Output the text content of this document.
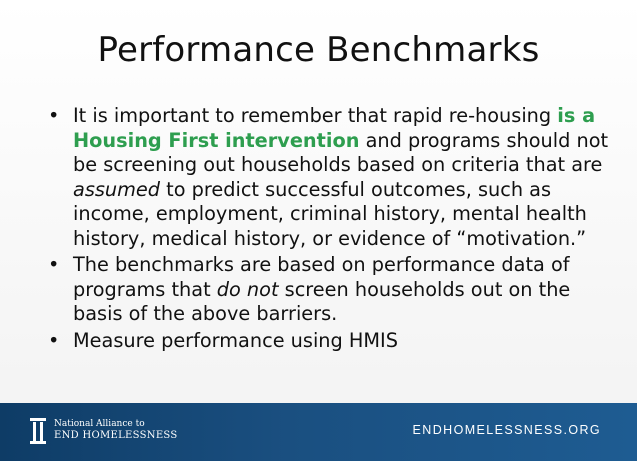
Performance Benchmarks
• It is important to remember that rapid re-housing is a Housing First intervention and programs should not be screening out households based on criteria that are assumed to predict successful outcomes, such as income, employment, criminal history, mental health history, medical history, or evidence of “motivation.”
• The benchmarks are based on performance data of programs that do not screen households out on the basis of the above barriers.
• Measure performance using HMIS
National Alliance to
END HOMELESSNESS	ENDHOMELESSNESS.ORG
